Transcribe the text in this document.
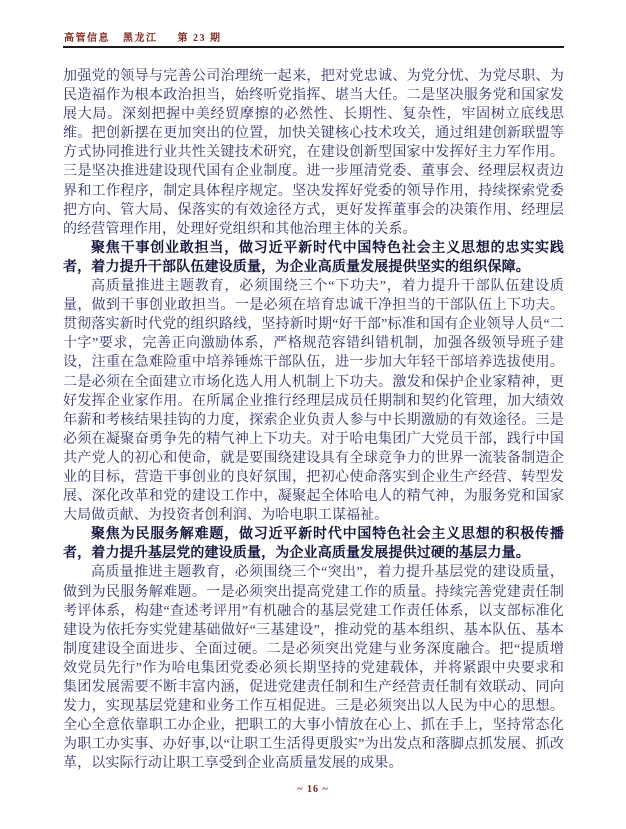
高管信息 黑龙江 第 23 期

加强党的领导与完善公司治理统一起来，把对党忠诚、为党分忧、为党尽职、为民造福作为根本政治担当，始终听党指挥、堪当大任。二是坚决服务党和国家发展大局。深刻把握中美经贸摩擦的必然性、长期性、复杂性，牢固树立底线思维。把创新摆在更加突出的位置，加快关键核心技术攻关，通过组建创新联盟等方式协同推进行业共性关键技术研究，在建设创新型国家中发挥好主力军作用。三是坚决推进建设现代国有企业制度。进一步厘清党委、董事会、经理层权责边界和工作程序，制定具体程序规定。坚决发挥好党委的领导作用，持续探索党委把方向、管大局、保落实的有效途径方式，更好发挥董事会的决策作用、经理层的经营管理作用，处理好党组织和其他治理主体的关系。

聚焦干事创业敢担当，做习近平新时代中国特色社会主义思想的忠实实践者，着力提升干部队伍建设质量，为企业高质量发展提供坚实的组织保障。

高质量推进主题教育，必须围绕三个“下功夫”，着力提升干部队伍建设质量，做到干事创业敢担当。一是必须在培育忠诚干净担当的干部队伍上下功夫。贯彻落实新时代党的组织路线，坚持新时期“好干部”标准和国有企业领导人员“二十字”要求，完善正向激励体系，严格规范容错纠错机制，加强各级领导班子建设，注重在急难险重中培养锤炼干部队伍，进一步加大年轻干部培养选拔使用。二是必须在全面建立市场化选人用人机制上下功夫。激发和保护企业家精神，更好发挥企业家作用。在所属企业推行经理层成员任期制和契约化管理，加大绩效年薪和考核结果挂钩的力度，探索企业负责人参与中长期激励的有效途径。三是必须在凝聚奋勇争先的精气神上下功夫。对于哈电集团广大党员干部，践行中国共产党人的初心和使命，就是要围绕建设具有全球竞争力的世界一流装备制造企业的目标，营造干事创业的良好氛围，把初心使命落实到企业生产经营、转型发展、深化改革和党的建设工作中，凝聚起全体哈电人的精气神，为服务党和国家大局做贡献、为投资者创利润、为哈电职工谋福祉。

聚焦为民服务解难题，做习近平新时代中国特色社会主义思想的积极传播者，着力提升基层党的建设质量，为企业高质量发展提供过硬的基层力量。

高质量推进主题教育，必须围绕三个“突出”，着力提升基层党的建设质量，做到为民服务解难题。一是必须突出提高党建工作的质量。持续完善党建责任制考评体系，构建“查述考评用”有机融合的基层党建工作责任体系，以支部标准化建设为依托夯实党建基础做好“三基建设”，推动党的基本组织、基本队伍、基本制度建设全面进步、全面过硬。二是必须突出党建与业务深度融合。把“提质增效党员先行”作为哈电集团党委必须长期坚持的党建载体，并将紧跟中央要求和集团发展需要不断丰富内涵，促进党建责任制和生产经营责任制有效联动、同向发力，实现基层党建和业务工作互相促进。三是必须突出以人民为中心的思想。全心全意依靠职工办企业，把职工的大事小情放在心上、抓在手上，坚持常态化为职工办实事、办好事,以“让职工生活得更殷实”为出发点和落脚点抓发展、抓改革，以实际行动让职工享受到企业高质量发展的成果。

~ 16 ~
